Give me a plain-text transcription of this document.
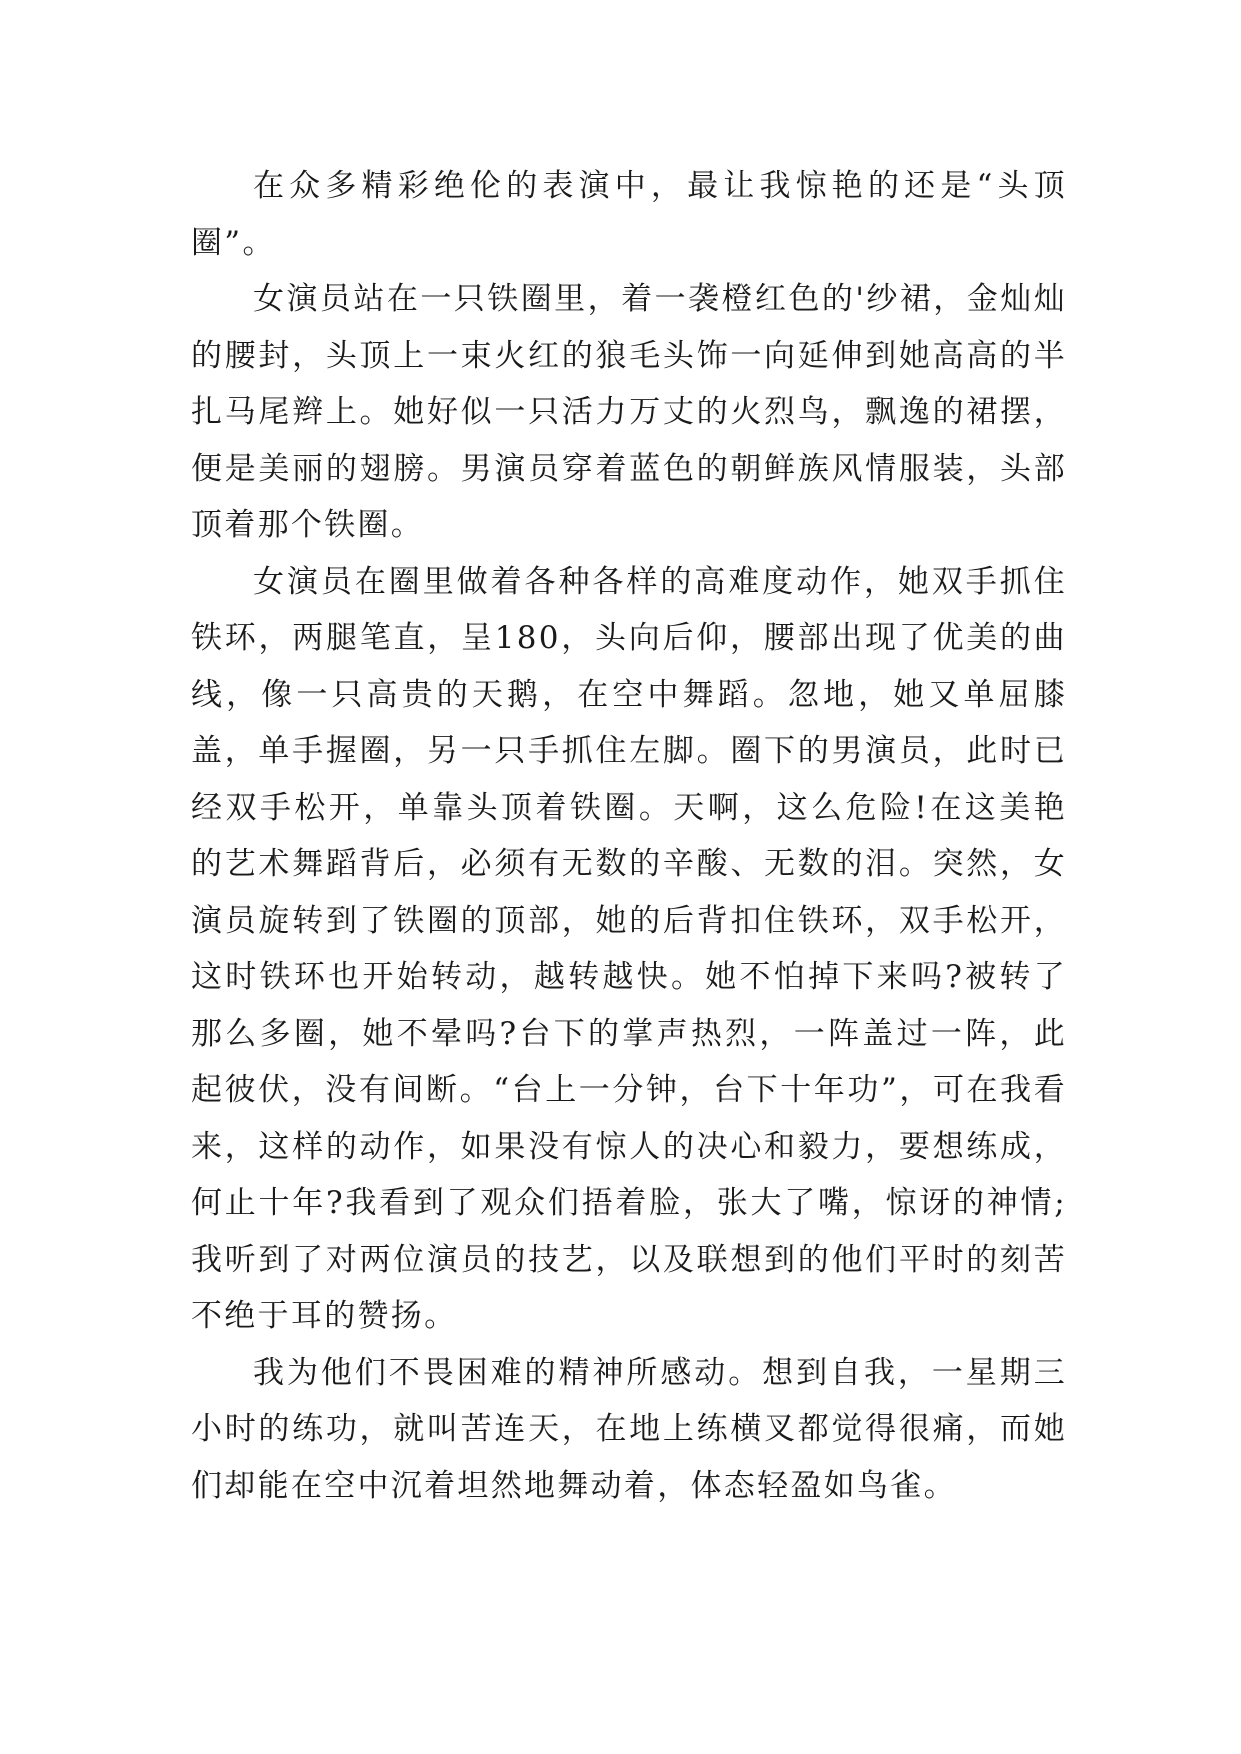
在众多精彩绝伦的表演中，最让我惊艳的还是“头顶圈”。

女演员站在一只铁圈里，着一袭橙红色的'纱裙，金灿灿的腰封，头顶上一束火红的狼毛头饰一向延伸到她高高的半扎马尾辫上。她好似一只活力万丈的火烈鸟，飘逸的裙摆，便是美丽的翅膀。男演员穿着蓝色的朝鲜族风情服装，头部顶着那个铁圈。

女演员在圈里做着各种各样的高难度动作，她双手抓住铁环，两腿笔直，呈180，头向后仰，腰部出现了优美的曲线，像一只高贵的天鹅，在空中舞蹈。忽地，她又单屈膝盖，单手握圈，另一只手抓住左脚。圈下的男演员，此时已经双手松开，单靠头顶着铁圈。天啊，这么危险!在这美艳的艺术舞蹈背后，必须有无数的辛酸、无数的泪。突然，女演员旋转到了铁圈的顶部，她的后背扣住铁环，双手松开，这时铁环也开始转动，越转越快。她不怕掉下来吗?被转了那么多圈，她不晕吗?台下的掌声热烈，一阵盖过一阵，此起彼伏，没有间断。“台上一分钟，台下十年功”，可在我看来，这样的动作，如果没有惊人的决心和毅力，要想练成，何止十年?我看到了观众们捂着脸，张大了嘴，惊讶的神情;我听到了对两位演员的技艺，以及联想到的他们平时的刻苦不绝于耳的赞扬。

我为他们不畏困难的精神所感动。想到自我，一星期三小时的练功，就叫苦连天，在地上练横叉都觉得很痛，而她们却能在空中沉着坦然地舞动着，体态轻盈如鸟雀。
